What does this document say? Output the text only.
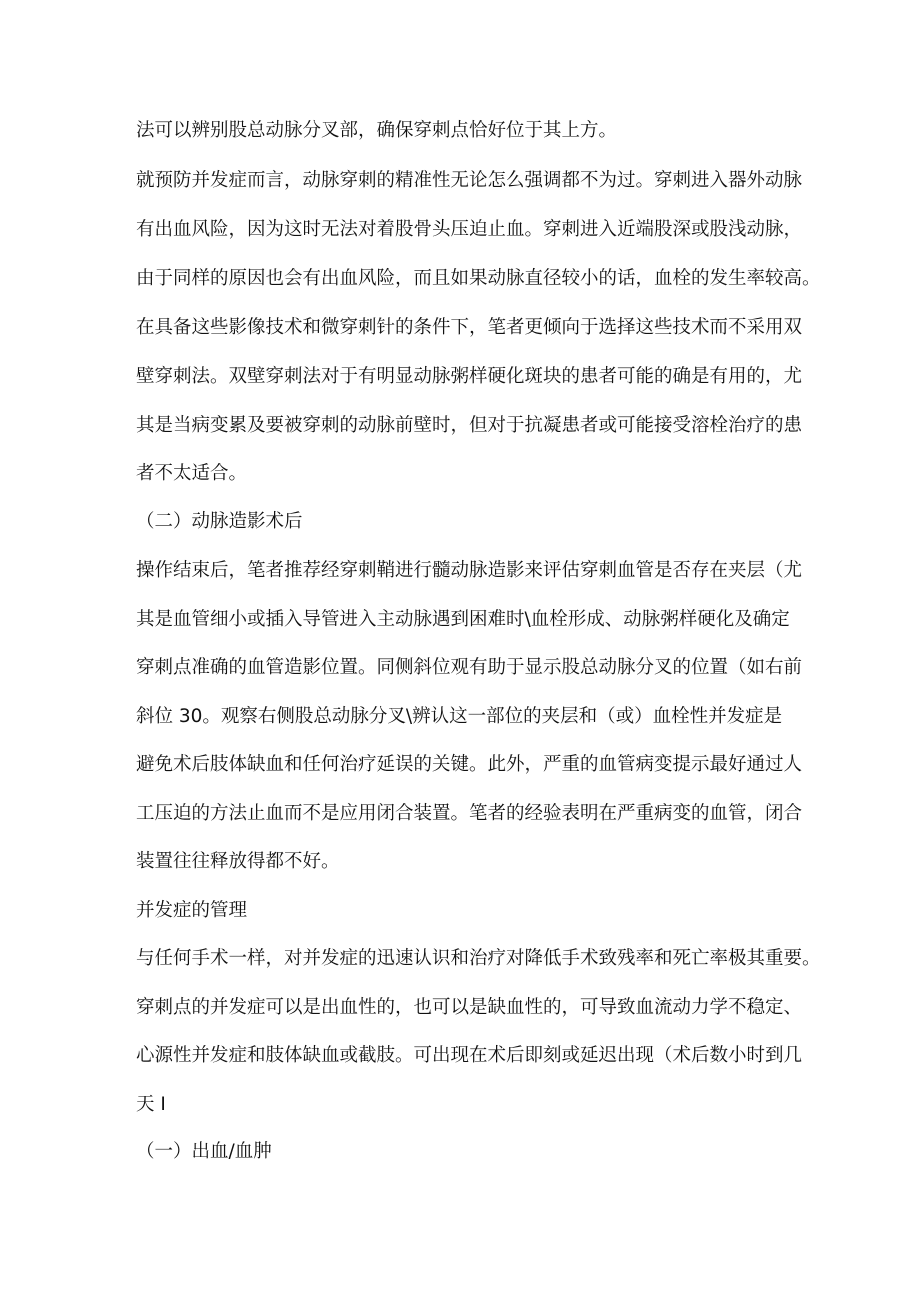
法可以辨别股总动脉分叉部，确保穿刺点恰好位于其上方。

就预防并发症而言，动脉穿刺的精准性无论怎么强调都不为过。穿刺进入器外动脉

有出血风险，因为这时无法对着股骨头压迫止血。穿刺进入近端股深或股浅动脉，

由于同样的原因也会有出血风险，而且如果动脉直径较小的话，血栓的发生率较高。

在具备这些影像技术和微穿刺针的条件下，笔者更倾向于选择这些技术而不采用双

壁穿刺法。双壁穿刺法对于有明显动脉粥样硬化斑块的患者可能的确是有用的，尤

其是当病变累及要被穿刺的动脉前壁时，但对于抗凝患者或可能接受溶栓治疗的患

者不太适合。

（二）动脉造影术后

操作结束后，笔者推荐经穿刺鞘进行髓动脉造影来评估穿刺血管是否存在夹层（尤

其是血管细小或插入导管进入主动脉遇到困难时\血栓形成、动脉粥样硬化及确定

穿刺点准确的血管造影位置。同侧斜位观有助于显示股总动脉分叉的位置（如右前

斜位 30。观察右侧股总动脉分叉\辨认这一部位的夹层和（或）血栓性并发症是

避免术后肢体缺血和任何治疗延误的关键。此外，严重的血管病变提示最好通过人

工压迫的方法止血而不是应用闭合装置。笔者的经验表明在严重病变的血管，闭合

装置往往释放得都不好。

并发症的管理

与任何手术一样，对并发症的迅速认识和治疗对降低手术致残率和死亡率极其重要。

穿刺点的并发症可以是出血性的，也可以是缺血性的，可导致血流动力学不稳定、

心源性并发症和肢体缺血或截肢。可出现在术后即刻或延迟出现（术后数小时到几

天 I

（一）出血/血肿
